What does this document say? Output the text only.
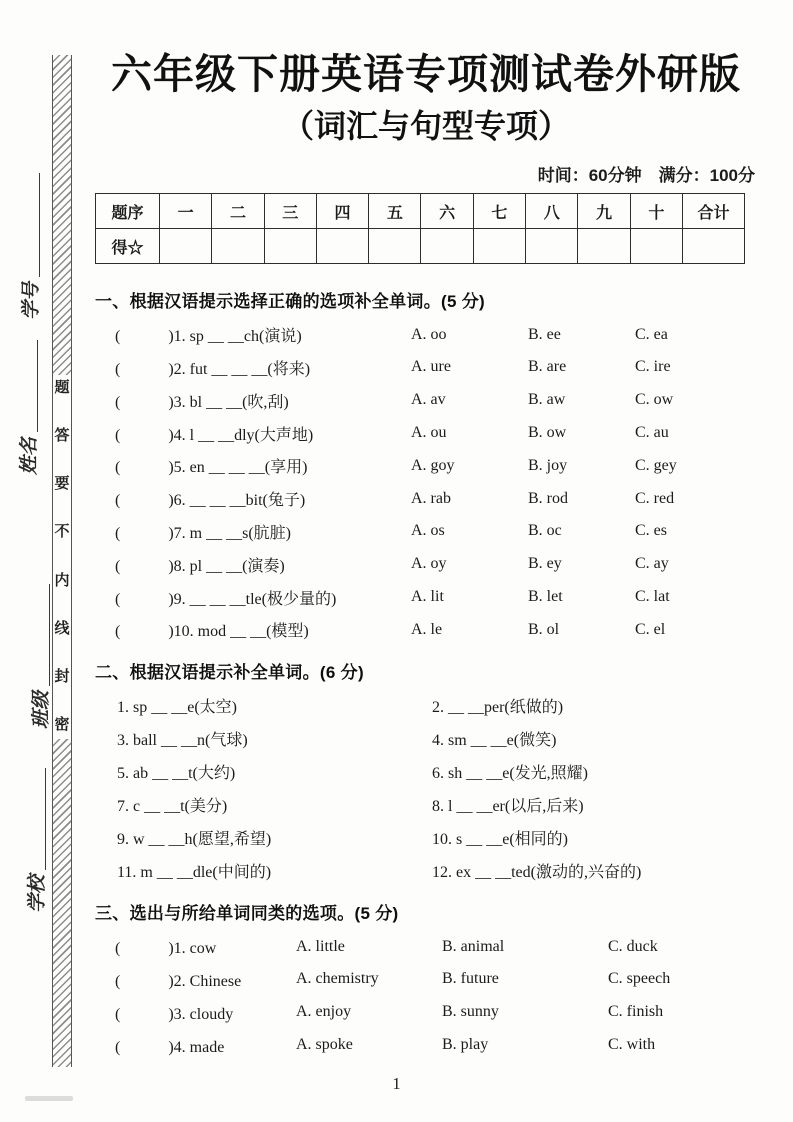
题
答
要
不
内
线
封
密
学号
姓名
班级
学校
六年级下册英语专项测试卷外研版
（词汇与句型专项）
时间：60分钟　满分：100分
题序	一	二	三	四	五	六	七	八	九	十	合计
得☆											
一、根据汉语提示选择正确的选项补全单词。(5 分)
(　　　)1. sp __ __ch(演说)	A. oo	B. ee	C. ea
(　　　)2. fut __ __ __(将来)	A. ure	B. are	C. ire
(　　　)3. bl __ __(吹,刮)	A. av	B. aw	C. ow
(　　　)4. l __ __dly(大声地)	A. ou	B. ow	C. au
(　　　)5. en __ __ __(享用)	A. goy	B. joy	C. gey
(　　　)6. __ __ __bit(兔子)	A. rab	B. rod	C. red
(　　　)7. m __ __s(肮脏)	A. os	B. oc	C. es
(　　　)8. pl __ __(演奏)	A. oy	B. ey	C. ay
(　　　)9. __ __ __tle(极少量的)	A. lit	B. let	C. lat
(　　　)10. mod __ __(模型)	A. le	B. ol	C. el
二、根据汉语提示补全单词。(6 分)
1. sp __ __e(太空)	2. __ __per(纸做的)
3. ball __ __n(气球)	4. sm __ __e(微笑)
5. ab __ __t(大约)	6. sh __ __e(发光,照耀)
7. c __ __t(美分)	8. l __ __er(以后,后来)
9. w __ __h(愿望,希望)	10. s __ __e(相同的)
11. m __ __dle(中间的)	12. ex __ __ted(激动的,兴奋的)
三、选出与所给单词同类的选项。(5 分)
(　　　)1. cow	A. little	B. animal	C. duck
(　　　)2. Chinese	A. chemistry	B. future	C. speech
(　　　)3. cloudy	A. enjoy	B. sunny	C. finish
(　　　)4. made	A. spoke	B. play	C. with
1
